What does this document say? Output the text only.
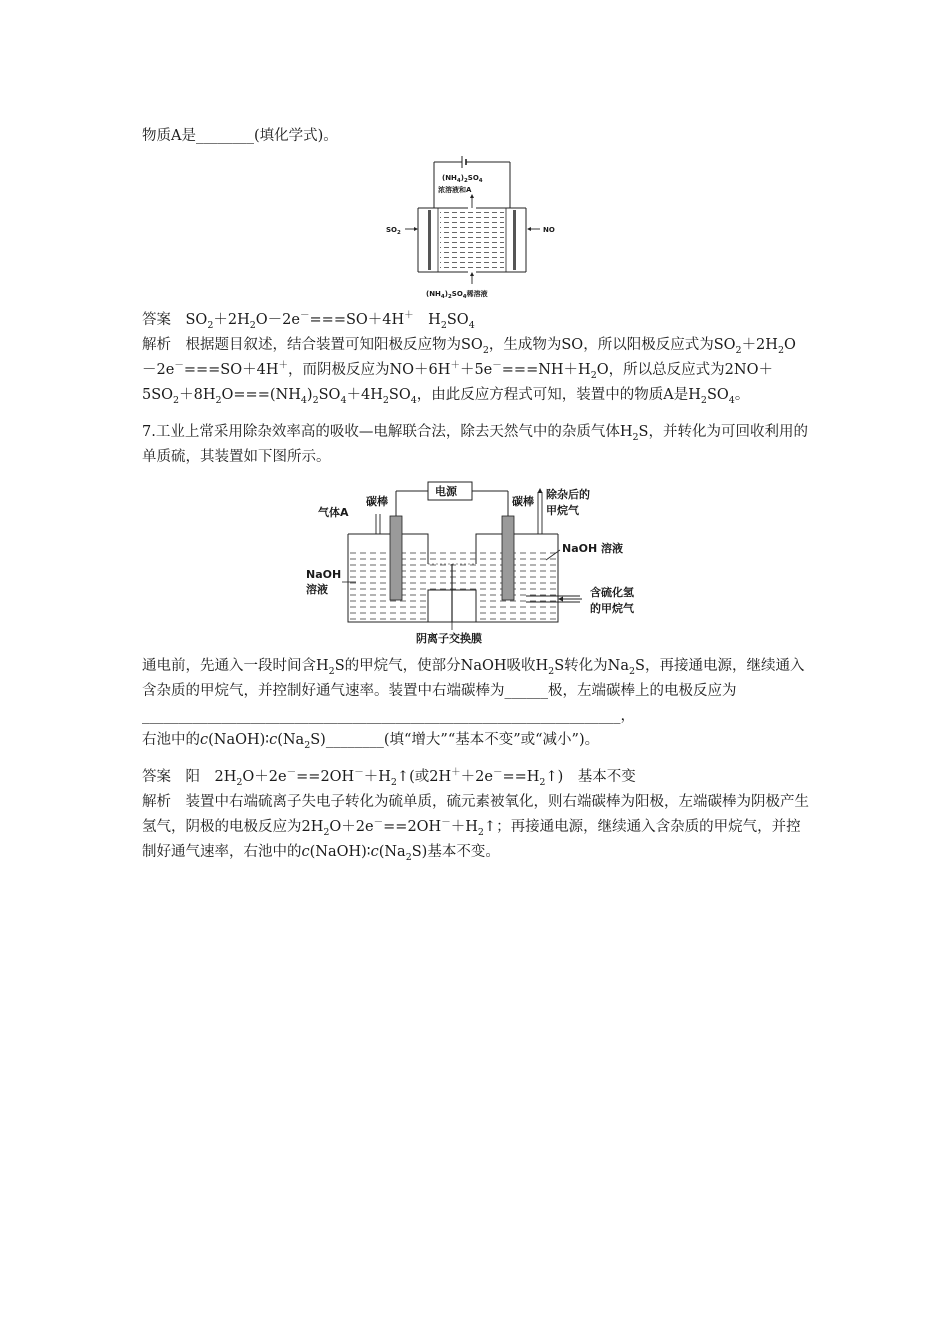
物质A是________(填化学式)。

$(NH_4)_2SO_4$
浓溶液和A
$SO_2$	NO
$(NH_4)_2SO_4$稀溶液

答案　$SO_2+2H_2O-2e^-===SO+4H^+$　$H_2SO_4$

解析　根据题目叙述，结合装置可知阳极反应物为$SO_2$，生成物为SO，所以阳极反应式为$SO_2+2H_2O-2e^-===SO+4H^+$，而阴极反应为$NO+6H^++5e^-===NH+H_2O$，所以总反应式为$2NO+5SO_2+8H_2O===(NH_4)_2SO_4+4H_2SO_4$，由此反应方程式可知，装置中的物质A是$H_2SO_4$。

7.工业上常采用除杂效率高的吸收—电解联合法，除去天然气中的杂质气体$H_2S$，并转化为可回收利用的单质硫，其装置如下图所示。

电源
碳棒	碳棒
气体A
除杂后的
甲烷气
NaOH 溶液
NaOH
溶液	含硫化氢
的甲烷气
阴离子交换膜

通电前，先通入一段时间含$H_2S$的甲烷气，使部分NaOH吸收$H_2S$转化为$Na_2S$，再接通电源，继续通入含杂质的甲烷气，并控制好通气速率。装置中右端碳棒为______极，左端碳棒上的电极反应为__________________________________________________________________，
右池中的$c(NaOH)∶c(Na_2S)\_\_\_\_\_\_\_\_$(填“增大”“基本不变”或“减小”)。

答案　阳　$2H_2O+2e^-==2OH^-+H_2↑$(或$2H^++2e^-==H_2↑$)　基本不变

解析　装置中右端硫离子失电子转化为硫单质，硫元素被氧化，则右端碳棒为阳极，左端碳棒为阴极产生氢气，阴极的电极反应为$2H_2O+2e^-==2OH^-+H_2↑$；再接通电源，继续通入含杂质的甲烷气，并控制好通气速率，右池中的$c(NaOH)∶c(Na_2S)$基本不变。
